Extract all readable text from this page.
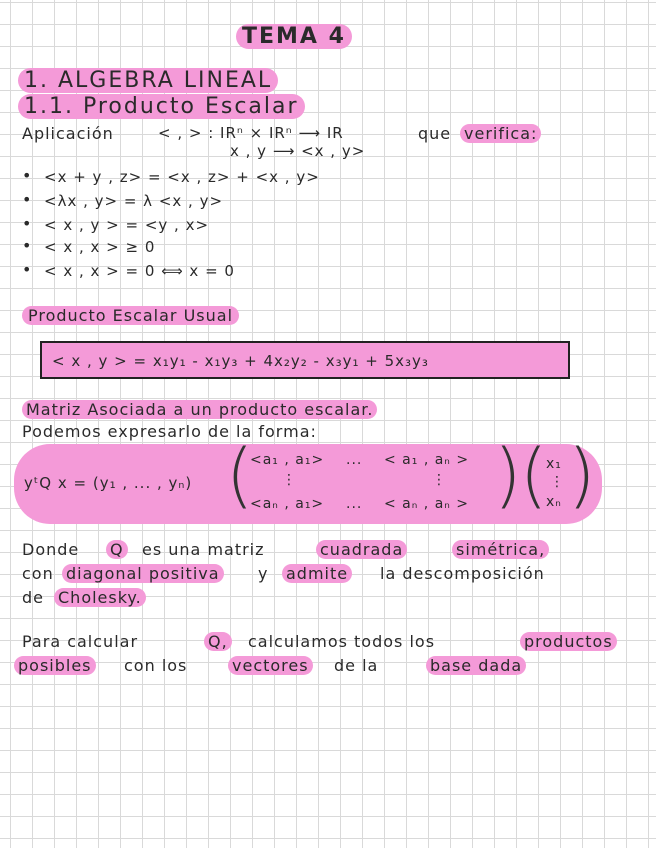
TEMA 4
1. ALGEBRA LINEAL
1.1. Producto Escalar
Aplicación	< , > : IRⁿ × IRⁿ ⟶ IR
x , y ⟶ <x , y>
que verifica:
• <x + y , z> = <x , z> + <x , y>
• <λx , y> = λ <x , y>
• < x , y > = <y , x>
• < x , x > ≥ 0
• < x , x > = 0 ⟺ x = 0
Producto Escalar Usual
< x , y > = x₁y₁ - x₁y₃ + 4x₂y₂ - x₃y₁ + 5x₃y₃
Matriz Asociada a un producto escalar.
Podemos expresarlo de la forma:
yᵗQ x = (y₁ , ... , yₙ) (
<a₁ , a₁> ... < a₁ , aₙ >
⋮	⋮
<aₙ , a₁> ... < aₙ , aₙ > )
(
x₁
⋮
xₙ )
Donde Q es una matriz	cuadrada	simétrica,
con diagonal positiva y admite la descomposición
de Cholesky.
Para calcular	Q, calculamos todos los	productos
posibles con los	vectores de la	base dada
